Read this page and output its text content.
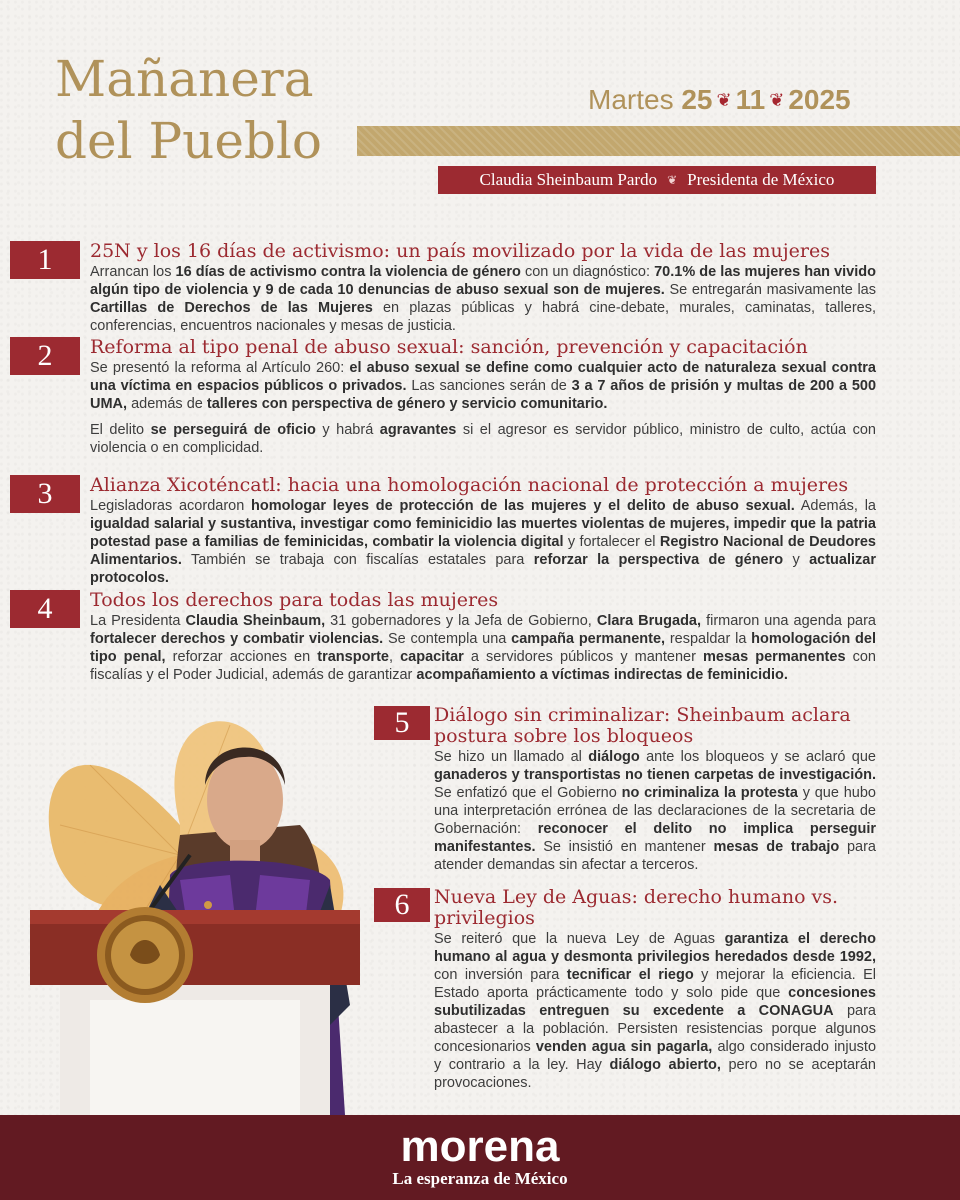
Mañanera
del Pueblo
Martes 25 ❦ 11 ❦ 2025
Claudia Sheinbaum Pardo ❦ Presidenta de México
1	25N y los 16 días de activismo: un país movilizado por la vida de las mujeres

Arrancan los 16 días de activismo contra la violencia de género con un diagnóstico: 70.1% de las mujeres han vivido algún tipo de violencia y 9 de cada 10 denuncias de abuso sexual son de mujeres. Se entregarán masivamente las Cartillas de Derechos de las Mujeres en plazas públicas y habrá cine-debate, murales, caminatas, talleres, conferencias, encuentros nacionales y mesas de justicia.

2	Reforma al tipo penal de abuso sexual: sanción, prevención y capacitación

Se presentó la reforma al Artículo 260: el abuso sexual se define como cualquier acto de naturaleza sexual contra una víctima en espacios públicos o privados. Las sanciones serán de 3 a 7 años de prisión y multas de 200 a 500 UMA, además de talleres con perspectiva de género y servicio comunitario.

El delito se perseguirá de oficio y habrá agravantes si el agresor es servidor público, ministro de culto, actúa con violencia o en complicidad.

3	Alianza Xicoténcatl: hacia una homologación nacional de protección a mujeres

Legisladoras acordaron homologar leyes de protección de las mujeres y el delito de abuso sexual. Además, la igualdad salarial y sustantiva, investigar como feminicidio las muertes violentas de mujeres, impedir que la patria potestad pase a familias de feminicidas, combatir la violencia digital y fortalecer el Registro Nacional de Deudores Alimentarios. También se trabaja con fiscalías estatales para reforzar la perspectiva de género y actualizar protocolos.

4	Todos los derechos para todas las mujeres

La Presidenta Claudia Sheinbaum, 31 gobernadores y la Jefa de Gobierno, Clara Brugada, firmaron una agenda para fortalecer derechos y combatir violencias. Se contempla una campaña permanente, respaldar la homologación del tipo penal, reforzar acciones en transporte, capacitar a servidores públicos y mantener mesas permanentes con fiscalías y el Poder Judicial, además de garantizar acompañamiento a víctimas indirectas de feminicidio.

5	Diálogo sin criminalizar: Sheinbaum aclara postura sobre los bloqueos

Se hizo un llamado al diálogo ante los bloqueos y se aclaró que ganaderos y transportistas no tienen carpetas de investigación. Se enfatizó que el Gobierno no criminaliza la protesta y que hubo una interpretación errónea de las declaraciones de la secretaria de Gobernación: reconocer el delito no implica perseguir manifestantes. Se insistió en mantener mesas de trabajo para atender demandas sin afectar a terceros.

6	Nueva Ley de Aguas: derecho humano vs. privilegios

Se reiteró que la nueva Ley de Aguas garantiza el derecho humano al agua y desmonta privilegios heredados desde 1992, con inversión para tecnificar el riego y mejorar la eficiencia. El Estado aporta prácticamente todo y solo pide que concesiones subutilizadas entreguen su excedente a CONAGUA para abastecer a la población. Persisten resistencias porque algunos concesionarios venden agua sin pagarla, algo considerado injusto y contrario a la ley. Hay diálogo abierto, pero no se aceptarán provocaciones.

morena
La esperanza de México
